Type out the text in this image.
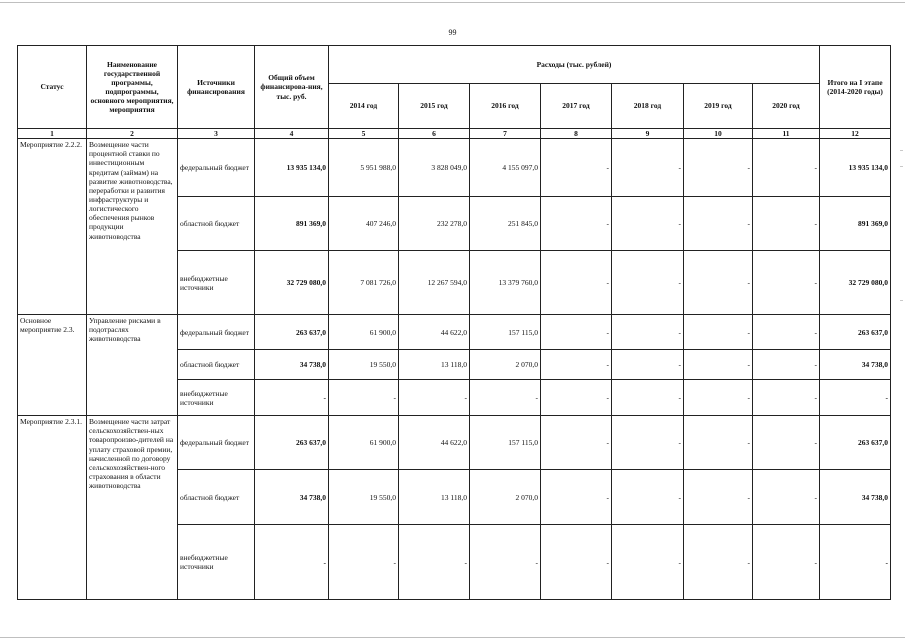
99
Статус	Наименование государственной программы, подпрограммы, основного мероприятия, мероприятия	Источники финансирования	Общий объем финансирова-ния, тыс. руб.	Расходы (тыс. рублей)							Итого на I этапе (2014-2020 годы)
				2014 год	2015 год	2016 год	2017 год	2018 год	2019 год	2020 год	
1	2	3	4	5	6	7	8	9	10	11	12
Мероприятие 2.2.2.	Возмещение части процентной ставки по инвестиционным кредитам (займам) на развитие животноводства, переработки и развития инфраструктуры и логистического обеспечения рынков продукции животноводства	федеральный бюджет	13 935 134,0	5 951 988,0	3 828 049,0	4 155 097,0	-	-	-	-	13 935 134,0
		областной бюджет	891 369,0	407 246,0	232 278,0	251 845,0	-	-	-	-	891 369,0
		внебюджетные источники	32 729 080,0	7 081 726,0	12 267 594,0	13 379 760,0	-	-	-	-	32 729 080,0
Основное мероприятие 2.3.	Управление рисками в подотраслях животноводства	федеральный бюджет	263 637,0	61 900,0	44 622,0	157 115,0	-	-	-	-	263 637,0
		областной бюджет	34 738,0	19 550,0	13 118,0	2 070,0	-	-	-	-	34 738,0
		внебюджетные источники	-	-	-	-	-	-	-	-	-
Мероприятие 2.3.1.	Возмещение части затрат сельскохозяйствен-ных товаропроизво-дителей на уплату страховой премии, начисленной по договору сельскохозяйствен-ного страхования в области животноводства	федеральный бюджет	263 637,0	61 900,0	44 622,0	157 115,0	-	-	-	-	263 637,0
		областной бюджет	34 738,0	19 550,0	13 118,0	2 070,0	-	-	-	-	34 738,0
		внебюджетные источники	-	-	-	-	-	-	-	-	-
